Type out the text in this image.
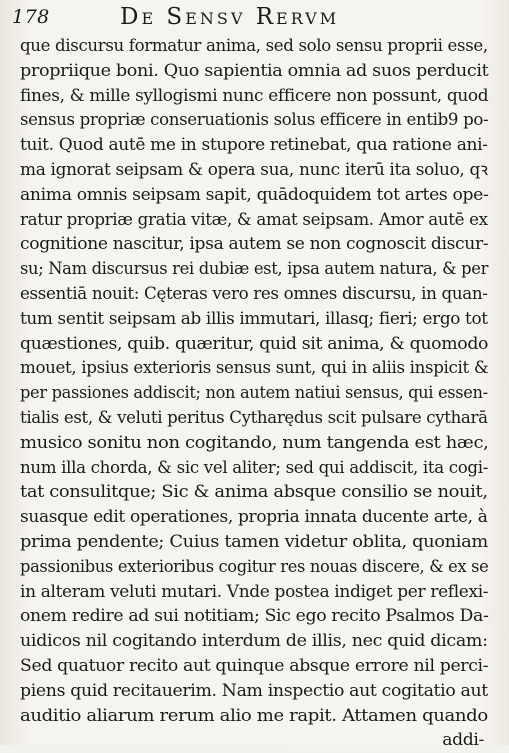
178	De Sensv Rervm
que discursu formatur anima, sed solo sensu proprii esse,
propriique boni. Quo sapientia omnia ad suos perducit
fines, & mille syllogismi nunc efficere non possunt, quod
sensus propriæ conseruationis solus efficere in entib9 po-
tuit. Quod autē me in stupore retinebat, qua ratione ani-
ma ignorat seipsam & opera sua, nunc iterū ita soluo, qꝛ
anima omnis seipsam sapit, quādoquidem tot artes ope-
ratur propriæ gratia vitæ, & amat seipsam. Amor autē ex
cognitione nascitur, ipsa autem se non cognoscit discur-
su; Nam discursus rei dubiæ est, ipsa autem natura, & per
essentiā nouit: Cęteras vero res omnes discursu, in quan-
tum sentit seipsam ab illis immutari, illasq; fieri; ergo tot
quæstiones, quib. quæritur, quid sit anima, & quomodo
mouet, ipsius exterioris sensus sunt, qui in aliis inspicit &
per passiones addiscit; non autem natiui sensus, qui essen-
tialis est, & veluti peritus Cytharędus scit pulsare cytharā
musico sonitu non cogitando, num tangenda est hæc,
num illa chorda, & sic vel aliter; sed qui addiscit, ita cogi-
tat consulitque; Sic & anima absque consilio se nouit,
suasque edit operationes, propria innata ducente arte, à
prima pendente; Cuius tamen videtur oblita, quoniam
passionibus exterioribus cogitur res nouas discere, & ex se
in alteram veluti mutari. Vnde postea indiget per reflexi-
onem redire ad sui notitiam; Sic ego recito Psalmos Da-
uidicos nil cogitando interdum de illis, nec quid dicam:
Sed quatuor recito aut quinque absque errore nil perci-
piens quid recitauerim. Nam inspectio aut cogitatio aut
auditio aliarum rerum alio me rapit. Attamen quando
addi-
